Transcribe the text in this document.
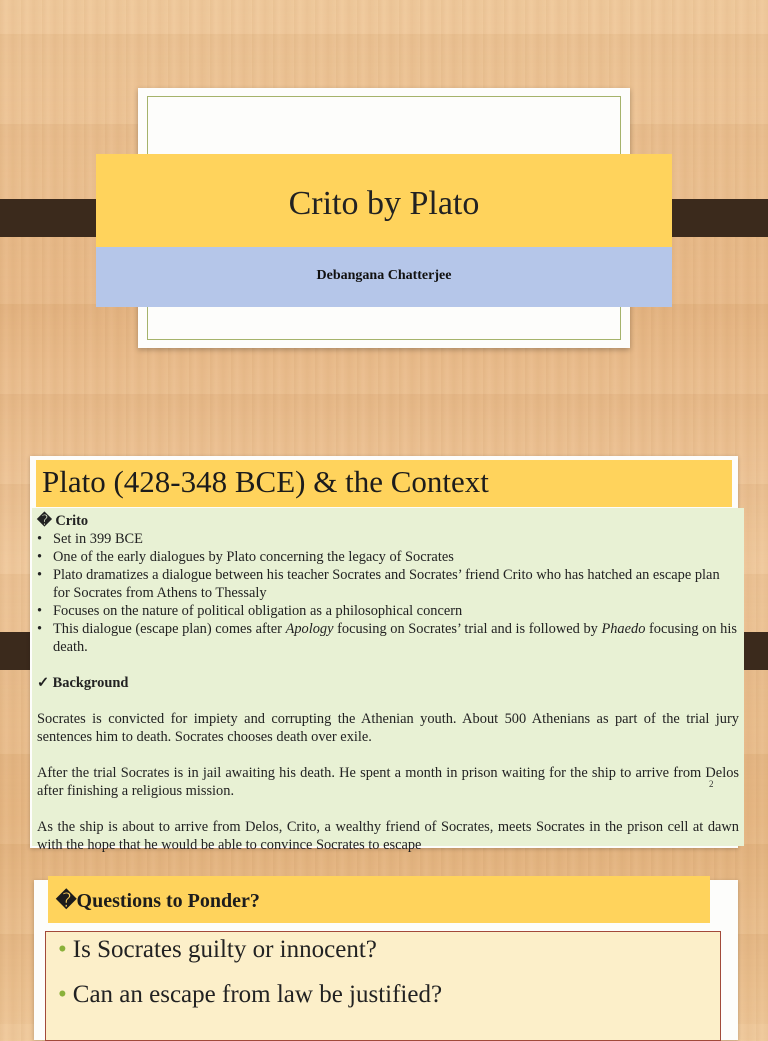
Crito by Plato
Debangana Chatterjee
Plato (428-348 BCE) & the Context
� Crito
• Set in 399 BCE
• One of the early dialogues by Plato concerning the legacy of Socrates
• Plato dramatizes a dialogue between his teacher Socrates and Socrates’ friend Crito who has hatched an escape plan for Socrates from Athens to Thessaly
• Focuses on the nature of political obligation as a philosophical concern
• This dialogue (escape plan) comes after Apology focusing on Socrates’ trial and is followed by Phaedo focusing on his death.
✓ Background

Socrates is convicted for impiety and corrupting the Athenian youth. About 500 Athenians as part of the trial jury sentences him to death. Socrates chooses death over exile.

After the trial Socrates is in jail awaiting his death. He spent a month in prison waiting for the ship to arrive from Delos after finishing a religious mission.

As the ship is about to arrive from Delos, Crito, a wealthy friend of Socrates, meets Socrates in the prison cell at dawn with the hope that he would be able to convince Socrates to escape

2
�Questions to Ponder?
• Is Socrates guilty or innocent?
• Can an escape from law be justified?
